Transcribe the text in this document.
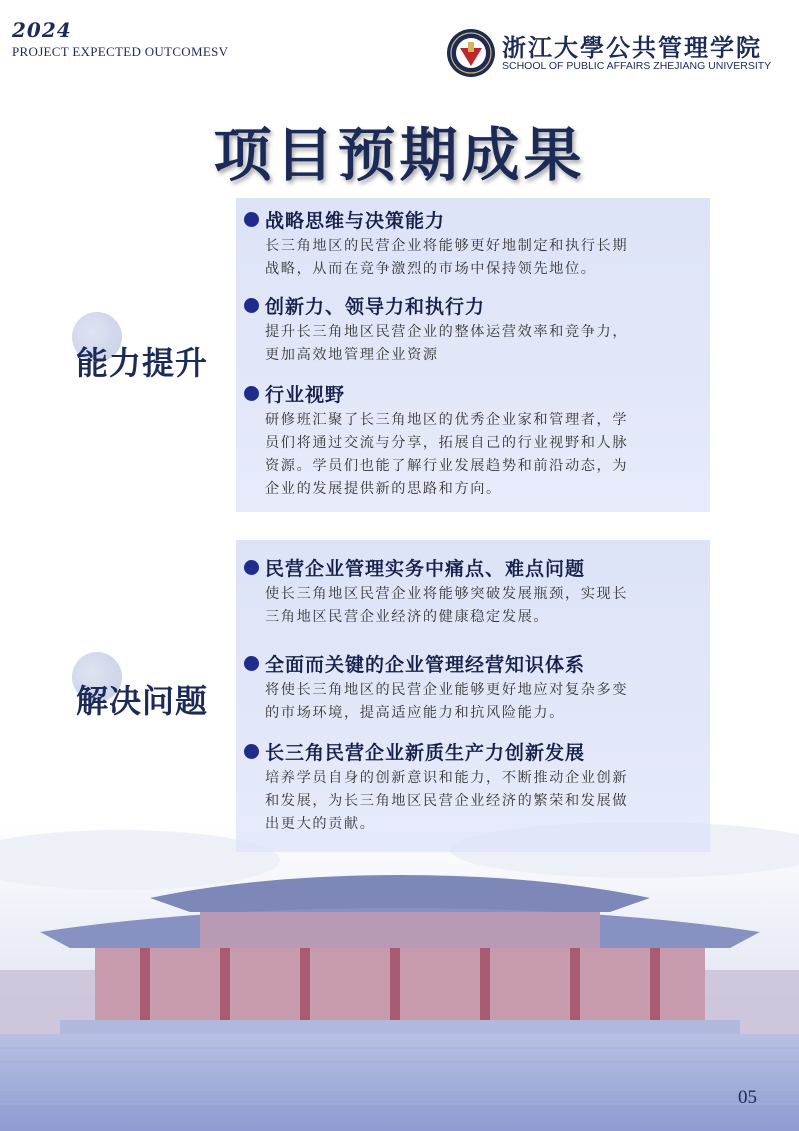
2024
PROJECT EXPECTED OUTCOMESV	浙江大學公共管理学院
SCHOOL OF PUBLIC AFFAIRS ZHEJIANG UNIVERSITY
项目预期成果
能力提升
解决问题
战略思维与决策能力
长三角地区的民营企业将能够更好地制定和执行长期
战略，从而在竞争激烈的市场中保持领先地位。
创新力、领导力和执行力
提升长三角地区民营企业的整体运营效率和竞争力，
更加高效地管理企业资源
行业视野
研修班汇聚了长三角地区的优秀企业家和管理者，学
员们将通过交流与分享，拓展自己的行业视野和人脉
资源。学员们也能了解行业发展趋势和前沿动态，为
企业的发展提供新的思路和方向。
民营企业管理实务中痛点、难点问题
使长三角地区民营企业将能够突破发展瓶颈，实现长
三角地区民营企业经济的健康稳定发展。
全面而关键的企业管理经营知识体系
将使长三角地区的民营企业能够更好地应对复杂多变
的市场环境，提高适应能力和抗风险能力。
长三角民营企业新质生产力创新发展
培养学员自身的创新意识和能力，不断推动企业创新
和发展，为长三角地区民营企业经济的繁荣和发展做
出更大的贡献。
05
